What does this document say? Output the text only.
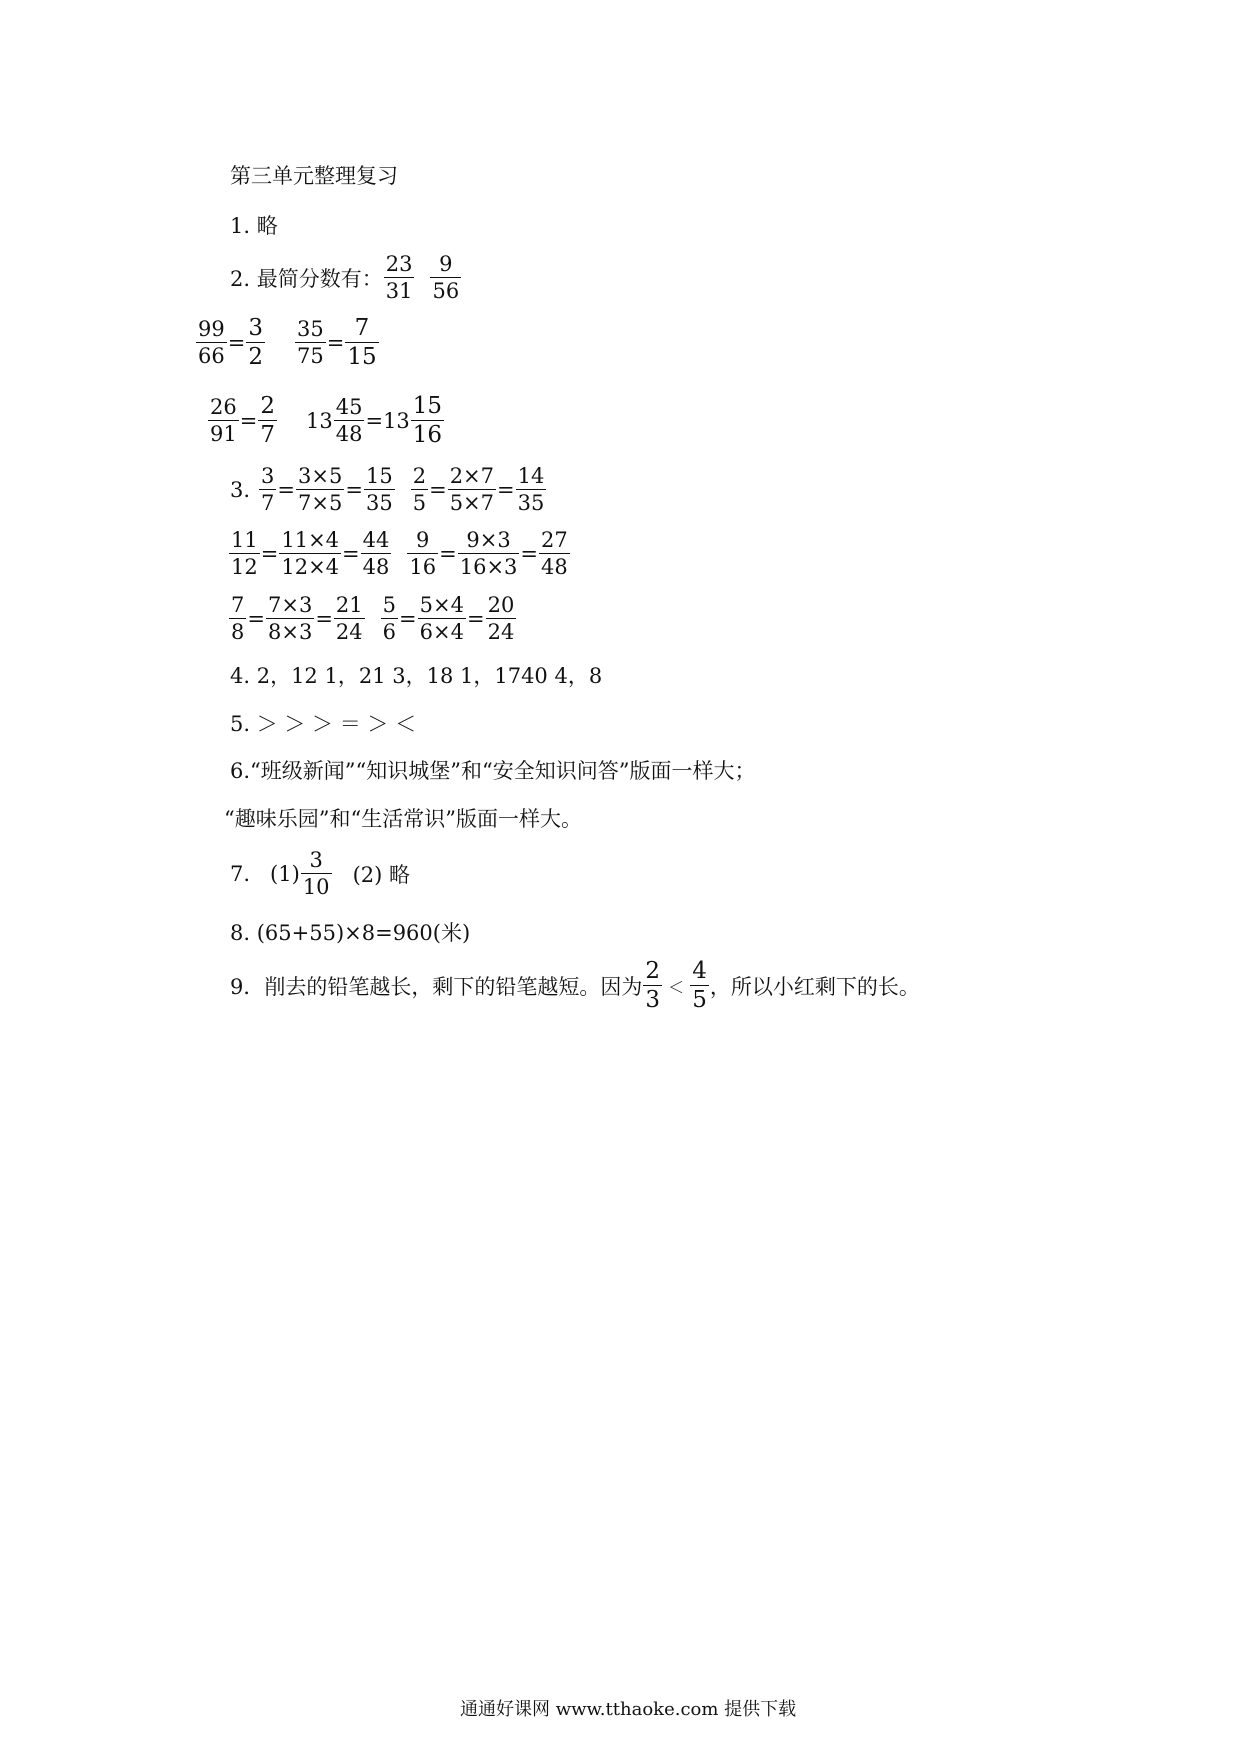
第三单元整理复习
1. 略
2. 最简分数有：
23
31
9
56
$\frac{99}{66} = \frac{3}{2} \frac{35}{75} = \frac{7}{15}$
$\frac{26}{91} = \frac{2}{7} 13 \frac{45}{48} = 13$
15
16
3. $\frac{3}{7} = \frac{3\times 5}{7\times 5} = \frac{15}{35} \frac{2}{5} = \frac{2\times 7}{5\times 7} = \frac{14}{35}$
$\frac{11}{12} = \frac{11\times 4}{12\times 4} = \frac{44}{48} \frac{9}{16} = \frac{9\times 3}{16\times 3} = \frac{27}{48}$
$\frac{7}{8} = \frac{7\times 3}{8\times 3} = \frac{21}{24} \frac{5}{6} = \frac{5\times 4}{6\times 4} = \frac{20}{24}$
4. 2，12 1，21 3，18 1，1740 4，8
5. ＞ ＞ ＞ ＝ ＞ ＜
6.“班级新闻”“知识城堡”和“安全知识问答”版面一样大；
“趣味乐园”和“生活常识”版面一样大。
7.   (1)
3
10 (2) 略
8. (65+55)×8=960(米)
9．削去的铅笔越长，剩下的铅笔越短。因为
2
3 ＜
4
5 ，所以小红剩下的长。
通通好课网 www.tthaoke.com 提供下载
